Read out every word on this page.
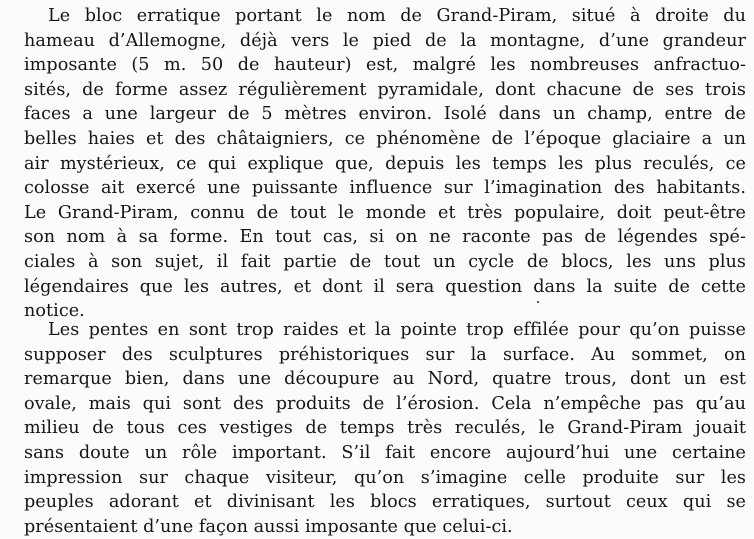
Le bloc erratique portant le nom de Grand-Piram, situé à droite du
hameau d’Allemogne, déjà vers le pied de la montagne, d’une grandeur
imposante (5 m. 50 de hauteur) est, malgré les nombreuses anfractuo-
sités, de forme assez régulièrement pyramidale, dont chacune de ses trois
faces a une largeur de 5 mètres environ. Isolé dans un champ, entre de
belles haies et des châtaigniers, ce phénomène de l’époque glaciaire a un
air mystérieux, ce qui explique que, depuis les temps les plus reculés, ce
colosse ait exercé une puissante influence sur l’imagination des habitants.
Le Grand-Piram, connu de tout le monde et très populaire, doit peut-être
son nom à sa forme. En tout cas, si on ne raconte pas de légendes spé-
ciales à son sujet, il fait partie de tout un cycle de blocs, les uns plus
légendaires que les autres, et dont il sera question dans la suite de cette
notice.
Les pentes en sont trop raides et la pointe trop effilée pour qu’on puisse
supposer des sculptures préhistoriques sur la surface. Au sommet, on
remarque bien, dans une découpure au Nord, quatre trous, dont un est
ovale, mais qui sont des produits de l’érosion. Cela n’empêche pas qu’au
milieu de tous ces vestiges de temps très reculés, le Grand-Piram jouait
sans doute un rôle important. S’il fait encore aujourd’hui une certaine
impression sur chaque visiteur, qu’on s’imagine celle produite sur les
peuples adorant et divinisant les blocs erratiques, surtout ceux qui se
présentaient d’une façon aussi imposante que celui-ci.
